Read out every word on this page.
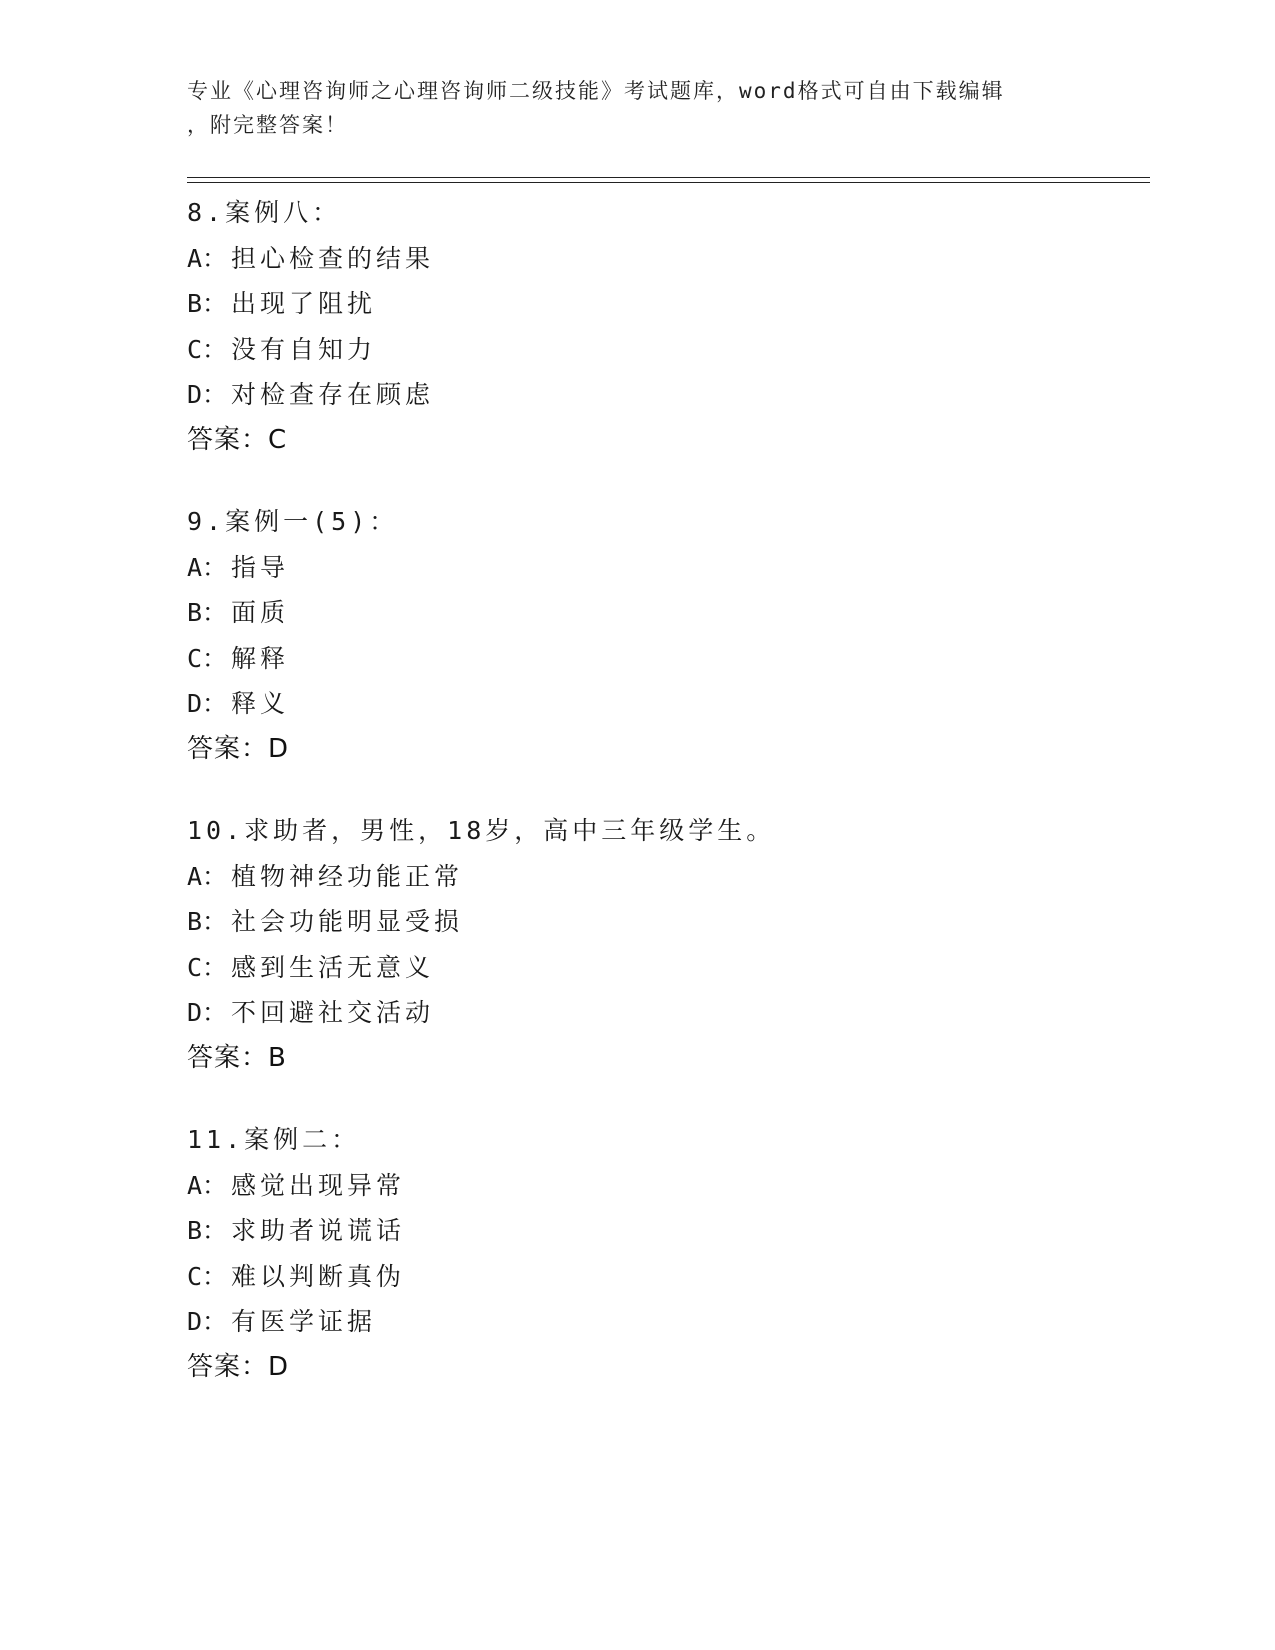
专业《心理咨询师之心理咨询师二级技能》考试题库，word格式可自由下载编辑
，附完整答案！
8.案例八：
A： 担心检查的结果
B： 出现了阻扰
C： 没有自知力
D： 对检查存在顾虑
答案：C
9.案例一(5)：
A： 指导
B： 面质
C： 解释
D： 释义
答案：D
10.求助者，男性，18岁，高中三年级学生。
A： 植物神经功能正常
B： 社会功能明显受损
C： 感到生活无意义
D： 不回避社交活动
答案：B
11.案例二：
A： 感觉出现异常
B： 求助者说谎话
C： 难以判断真伪
D： 有医学证据
答案：D
